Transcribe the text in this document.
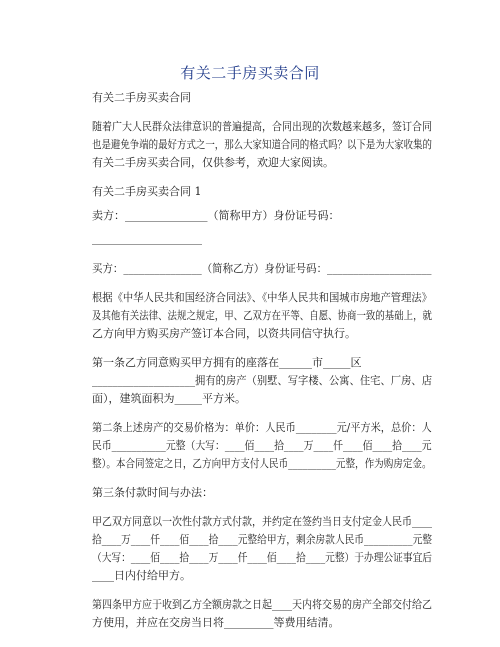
有关二手房买卖合同
有关二手房买卖合同
随着广大人民群众法律意识的普遍提高，合同出现的次数越来越多，签订合同
也是避免争端的最好方式之一，那么大家知道合同的格式吗？以下是为大家收集的
有关二手房买卖合同，仅供参考，欢迎大家阅读。
有关二手房买卖合同 1
卖方：_______________（简称甲方）身份证号码：
____________________
买方：_______________（简称乙方）身份证号码：____________________
根据《中华人民共和国经济合同法》、《中华人民共和国城市房地产管理法》
及其他有关法律、法规之规定，甲、乙双方在平等、自愿、协商一致的基础上，就
乙方向甲方购买房产签订本合同，以资共同信守执行。
第一条乙方同意购买甲方拥有的座落在______市_____区
____________________拥有的房产（别墅、写字楼、公寓、住宅、厂房、店
面），建筑面积为_____平方米。
第二条上述房产的交易价格为：单价：人民币________元/平方米，总价：人
民币___________元整（大写：____佰____拾____万____仟____佰____拾____元
整）。本合同签定之日，乙方向甲方支付人民币__________元整，作为购房定金。
第三条付款时间与办法：
甲乙双方同意以一次性付款方式付款，并约定在签约当日支付定金人民币____
拾____万____仟____佰____拾____元整给甲方，剩余房款人民币__________元整
（大写：____佰____拾____万____仟____佰____拾____元整）于办理公证事宜后
____日内付给甲方。
第四条甲方应于收到乙方全额房款之日起____天内将交易的房产全部交付给乙
方使用，并应在交房当日将_________等费用结清。
